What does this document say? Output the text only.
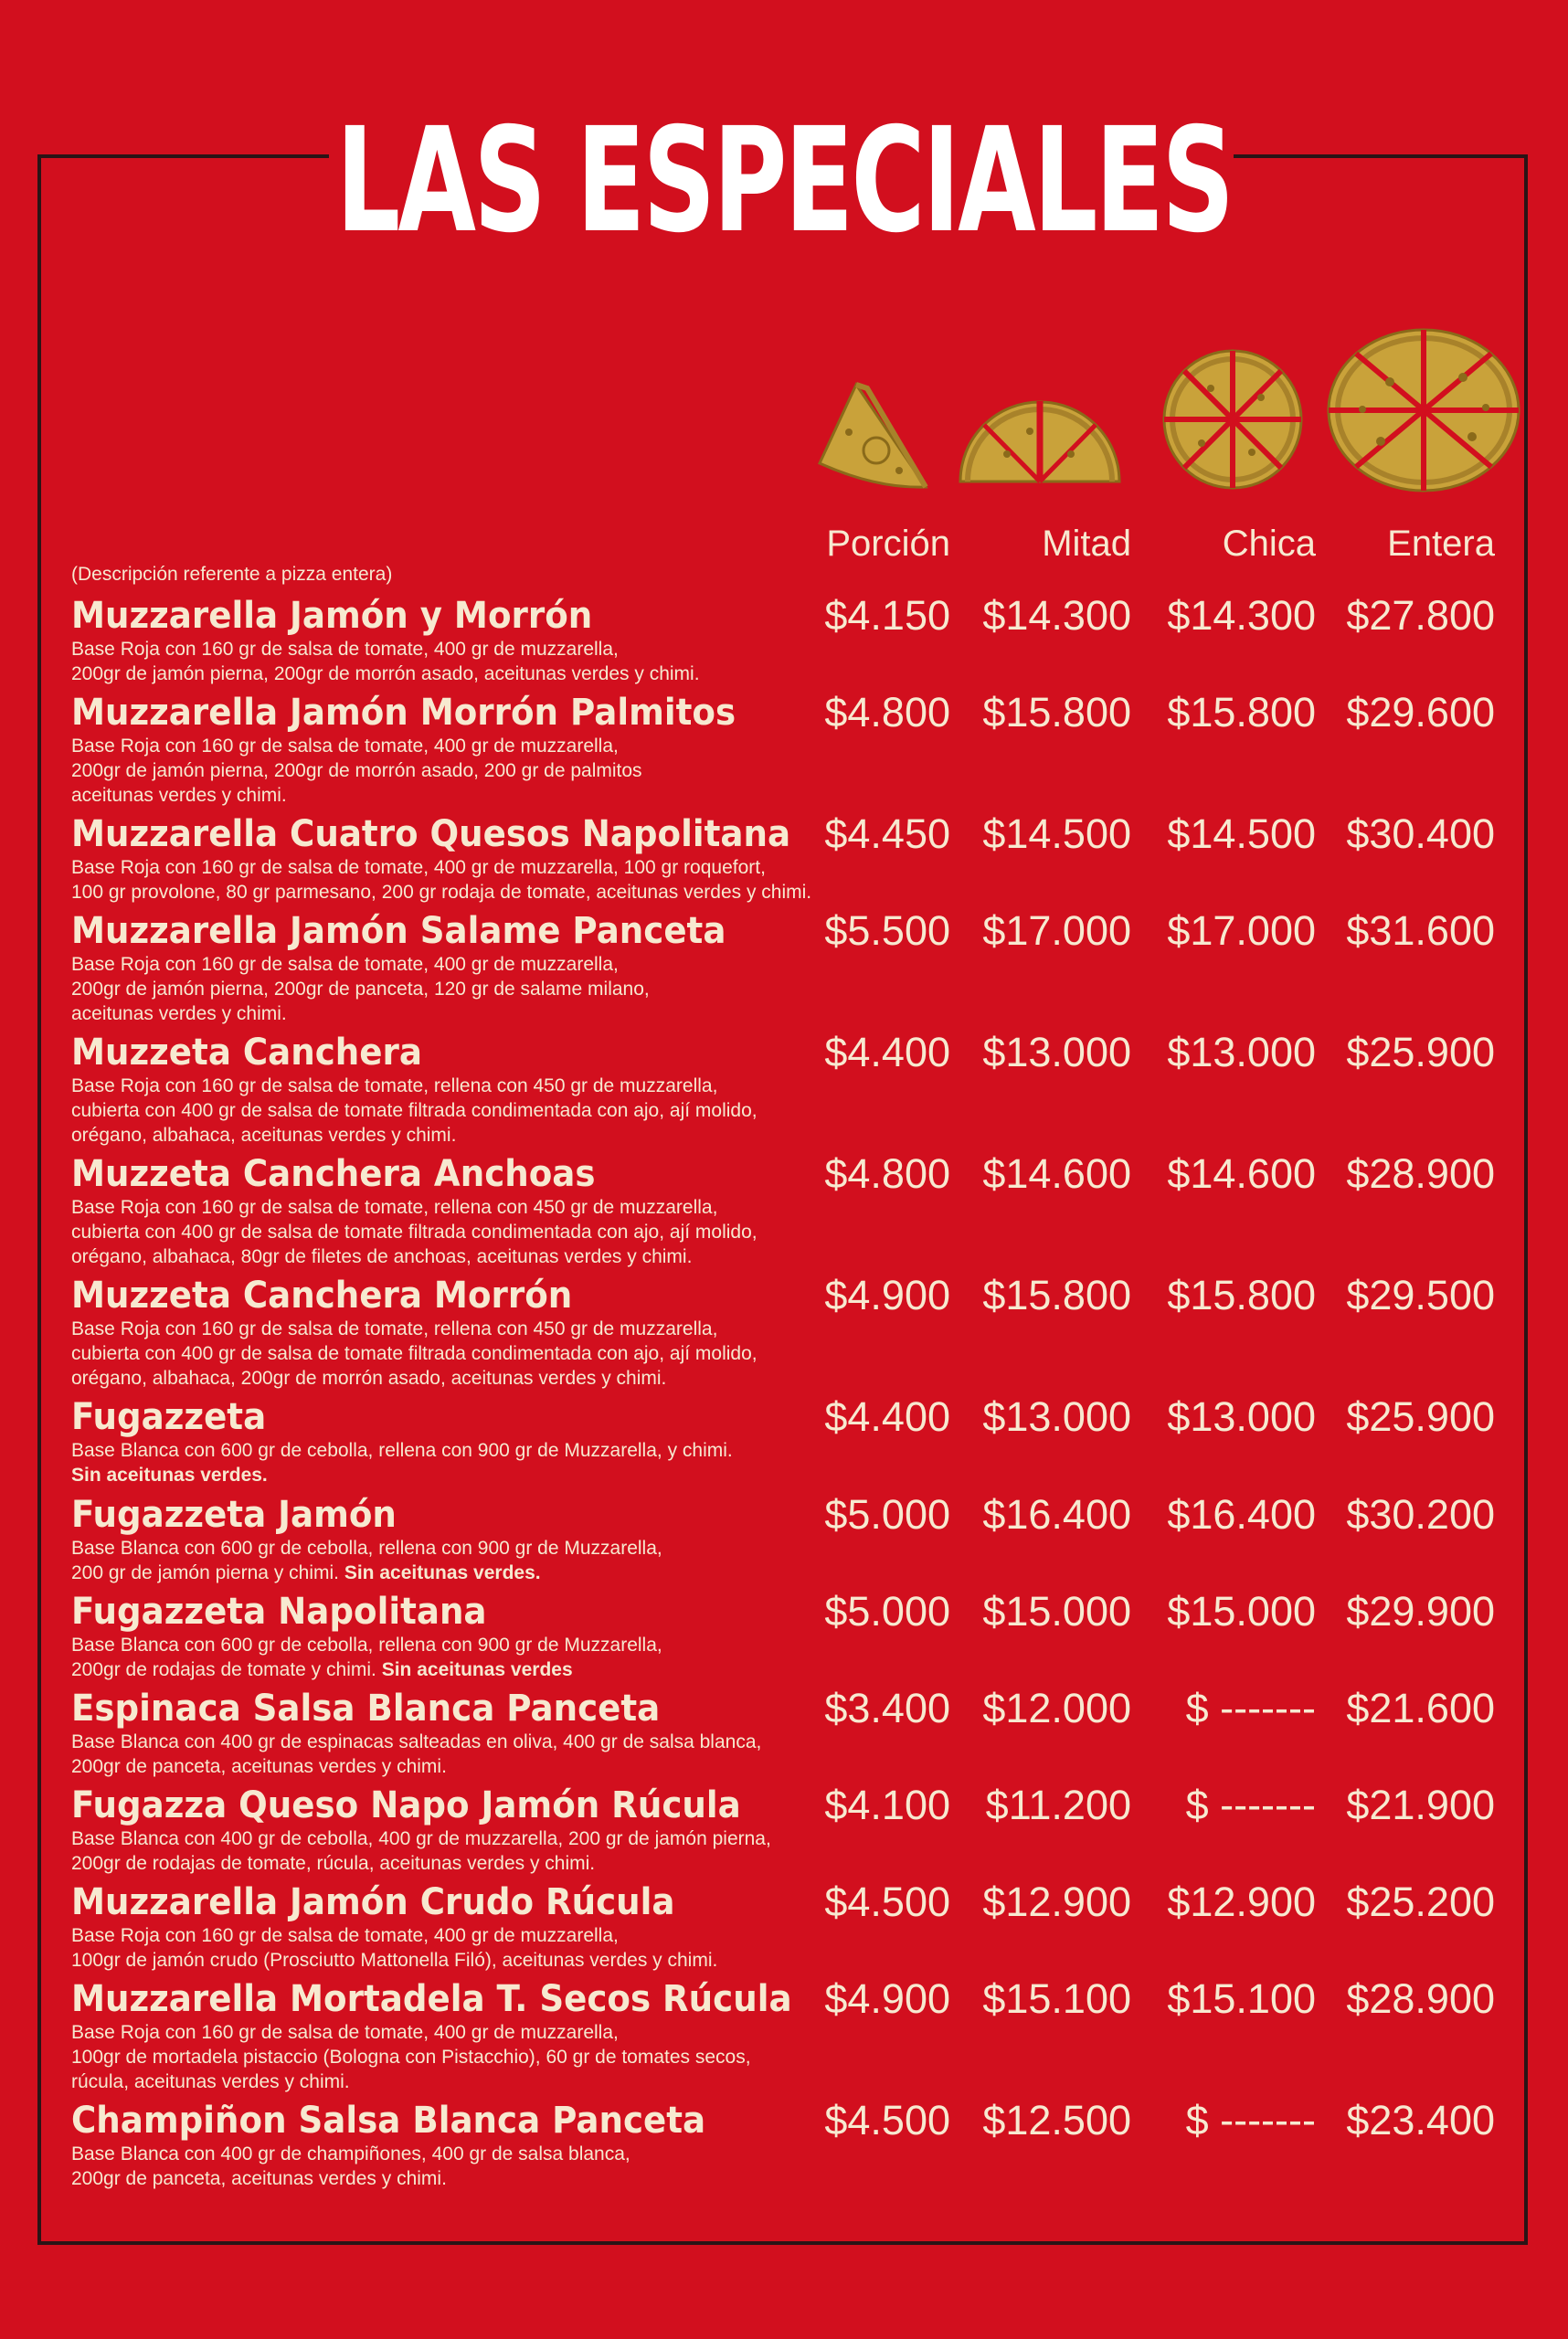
LAS ESPECIALES
Porción	Mitad	Chica	Entera
(Descripción referente a pizza entera)
Muzzarella Jamón y Morrón
Base Roja con 160 gr de salsa de tomate, 400 gr de muzzarella,
200gr de jamón pierna, 200gr de morrón asado, aceitunas verdes y chimi.
$4.150 $14.300 $14.300 $27.800
Muzzarella Jamón Morrón Palmitos
Base Roja con 160 gr de salsa de tomate, 400 gr de muzzarella,
200gr de jamón pierna, 200gr de morrón asado, 200 gr de palmitos
aceitunas verdes y chimi.
$4.800 $15.800 $15.800 $29.600
Muzzarella Cuatro Quesos Napolitana
Base Roja con 160 gr de salsa de tomate, 400 gr de muzzarella, 100 gr roquefort,
100 gr provolone, 80 gr parmesano, 200 gr rodaja de tomate, aceitunas verdes y chimi.
$4.450 $14.500 $14.500 $30.400
Muzzarella Jamón Salame Panceta
Base Roja con 160 gr de salsa de tomate, 400 gr de muzzarella,
200gr de jamón pierna, 200gr de panceta, 120 gr de salame milano,
aceitunas verdes y chimi.
$5.500 $17.000 $17.000 $31.600
Muzzeta Canchera
Base Roja con 160 gr de salsa de tomate, rellena con 450 gr de muzzarella,
cubierta con 400 gr de salsa de tomate filtrada condimentada con ajo, ají molido,
orégano, albahaca, aceitunas verdes y chimi.
$4.400 $13.000 $13.000 $25.900
Muzzeta Canchera Anchoas
Base Roja con 160 gr de salsa de tomate, rellena con 450 gr de muzzarella,
cubierta con 400 gr de salsa de tomate filtrada condimentada con ajo, ají molido,
orégano, albahaca, 80gr de filetes de anchoas, aceitunas verdes y chimi.
$4.800 $14.600 $14.600 $28.900
Muzzeta Canchera Morrón
Base Roja con 160 gr de salsa de tomate, rellena con 450 gr de muzzarella,
cubierta con 400 gr de salsa de tomate filtrada condimentada con ajo, ají molido,
orégano, albahaca, 200gr de morrón asado, aceitunas verdes y chimi.
$4.900 $15.800 $15.800 $29.500
Fugazzeta
Base Blanca con 600 gr de cebolla, rellena con 900 gr de Muzzarella, y chimi.
Sin aceitunas verdes.
$4.400 $13.000 $13.000 $25.900
Fugazzeta Jamón
Base Blanca con 600 gr de cebolla, rellena con 900 gr de Muzzarella,
200 gr de jamón pierna y chimi. Sin aceitunas verdes.
$5.000 $16.400 $16.400 $30.200
Fugazzeta Napolitana
Base Blanca con 600 gr de cebolla, rellena con 900 gr de Muzzarella,
200gr de rodajas de tomate y chimi. Sin aceitunas verdes
$5.000 $15.000 $15.000 $29.900
Espinaca Salsa Blanca Panceta
Base Blanca con 400 gr de espinacas salteadas en oliva, 400 gr de salsa blanca,
200gr de panceta, aceitunas verdes y chimi.
$3.400 $12.000	$ ------- $21.600
Fugazza Queso Napo Jamón Rúcula
Base Blanca con 400 gr de cebolla, 400 gr de muzzarella, 200 gr de jamón pierna,
200gr de rodajas de tomate, rúcula, aceitunas verdes y chimi.
$4.100 $11.200	$ ------- $21.900
Muzzarella Jamón Crudo Rúcula
Base Roja con 160 gr de salsa de tomate, 400 gr de muzzarella,
100gr de jamón crudo (Prosciutto Mattonella Filó), aceitunas verdes y chimi.
$4.500 $12.900 $12.900 $25.200
Muzzarella Mortadela T. Secos Rúcula
Base Roja con 160 gr de salsa de tomate, 400 gr de muzzarella,
100gr de mortadela pistaccio (Bologna con Pistacchio), 60 gr de tomates secos,
rúcula, aceitunas verdes y chimi.
$4.900 $15.100 $15.100 $28.900
Champiñon Salsa Blanca Panceta
Base Blanca con 400 gr de champiñones, 400 gr de salsa blanca,
200gr de panceta, aceitunas verdes y chimi.
$4.500 $12.500	$ ------- $23.400
